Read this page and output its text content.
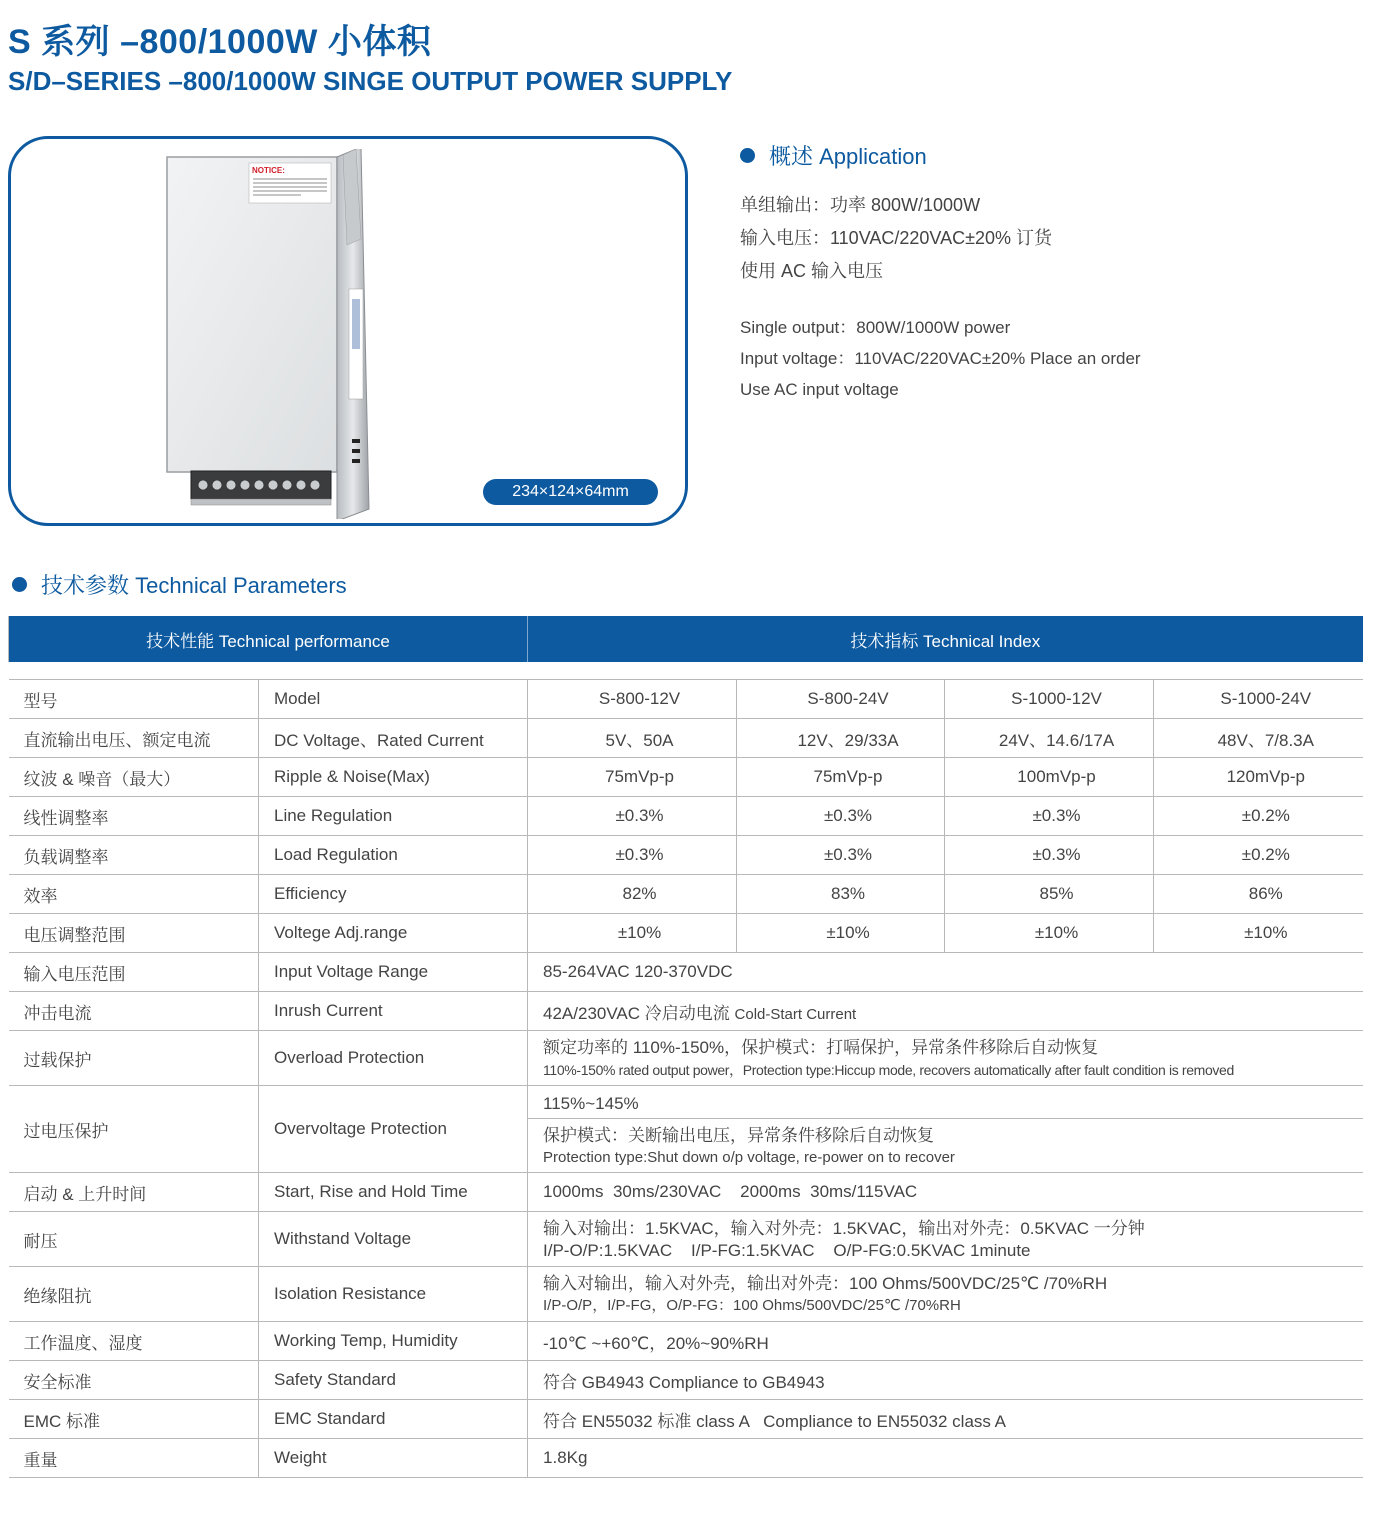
S 系列 –800/1000W 小体积
S/D–SERIES –800/1000W SINGE OUTPUT POWER SUPPLY
NOTICE:
234×124×64mm
概述 Application
单组输出：功率 800W/1000W
输入电压：110VAC/220VAC±20% 订货
使用 AC 输入电压
Single output：800W/1000W power
Input voltage：110VAC/220VAC±20% Place an order
Use AC input voltage
技术参数 Technical Parameters
技术性能 Technical performance		技术指标 Technical Index			

型号	Model	S-800-12V	S-800-24V	S-1000-12V	S-1000-24V
直流输出电压、额定电流	DC Voltage、Rated Current	5V、50A	12V、29/33A	24V、14.6/17A	48V、7/8.3A
纹波 & 噪音（最大）	Ripple & Noise(Max)	75mVp-p	75mVp-p	100mVp-p	120mVp-p
线性调整率	Line Regulation	±0.3%	±0.3%	±0.3%	±0.2%
负载调整率	Load Regulation	±0.3%	±0.3%	±0.3%	±0.2%
效率	Efficiency	82%	83%	85%	86%
电压调整范围	Voltege Adj.range	±10%	±10%	±10%	±10%
输入电压范围	Input Voltage Range	85-264VAC 120-370VDC			
冲击电流	Inrush Current	42A/230VAC 冷启动电流 Cold-Start Current			
过载保护	Overload Protection	额定功率的 110%-150%，保护模式：打嗝保护，异常条件移除后自动恢复
110%-150% rated output power，Protection type:Hiccup mode, recovers automatically after fault condition is removed			

过电压保护	Overvoltage Protection	115%~145%
保护模式：关断输出电压，异常条件移除后自动恢复
Protection type:Shut down o/p voltage, re-power on to recover			

启动 & 上升时间	Start, Rise and Hold Time	1000ms  30ms/230VAC    2000ms  30ms/115VAC			
耐压	Withstand Voltage	输入对输出：1.5KVAC，输入对外壳：1.5KVAC，输出对外壳：0.5KVAC 一分钟
I/P-O/P:1.5KVAC    I/P-FG:1.5KVAC    O/P-FG:0.5KVAC 1minute			

绝缘阻抗	Isolation Resistance	输入对输出，输入对外壳，输出对外壳：100 Ohms/500VDC/25℃ /70%RH
I/P-O/P，I/P-FG，O/P-FG：100 Ohms/500VDC/25℃ /70%RH			

工作温度、湿度	Working Temp, Humidity	-10℃ ~+60℃，20%~90%RH			
安全标准	Safety Standard	符合 GB4943 Compliance to GB4943			
EMC 标准	EMC Standard	符合 EN55032 标准 class A   Compliance to EN55032 class A			
重量	Weight	1.8Kg			
